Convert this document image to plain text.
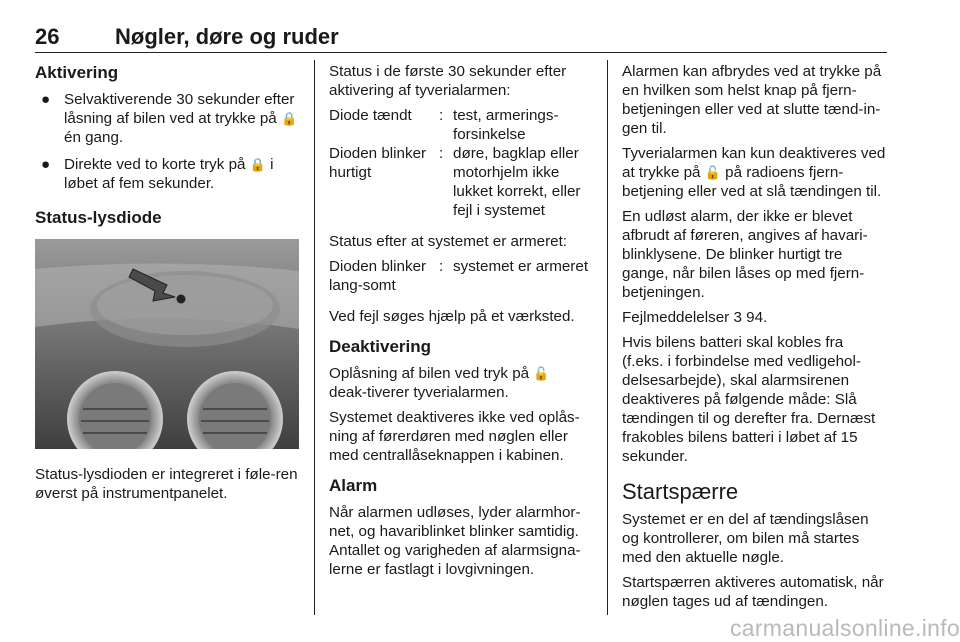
26	Nøgler, døre og ruder
Aktivering
● Selvaktiverende 30 sekunder efter låsning af bilen ved at trykke på 🔒 én gang.
● Direkte ved to korte tryk på 🔒 i løbet af fem sekunder.
Status-lysdiode

Status-lysdioden er integreret i føle-ren øverst på instrumentpanelet.

Status i de første 30 sekunder efter aktivering af tyverialarmen:

Diode tændt	:	test, armerings-forsinkelse
Dioden blinker hurtigt	:	døre, bagklap eller motorhjelm ikke lukket korrekt, eller fejl i systemet

Status efter at systemet er armeret:

Dioden blinker lang-somt	:	systemet er armeret

Ved fejl søges hjælp på et værksted.

Deaktivering

Oplåsning af bilen ved tryk på 🔓 deak-tiverer tyverialarmen.

Systemet deaktiveres ikke ved oplås-ning af førerdøren med nøglen eller med centrallåseknappen i kabinen.

Alarm

Når alarmen udløses, lyder alarmhor-net, og havariblinket blinker samtidig. Antallet og varigheden af alarmsigna-lerne er fastlagt i lovgivningen.

Alarmen kan afbrydes ved at trykke på en hvilken som helst knap på fjern-betjeningen eller ved at slutte tænd-in-gen til.

Tyverialarmen kan kun deaktiveres ved at trykke på 🔓 på radioens fjern-betjening eller ved at slå tændingen til.

En udløst alarm, der ikke er blevet afbrudt af føreren, angives af havari-blinklysene. De blinker hurtigt tre gange, når bilen låses op med fjern-betjeningen.

Fejlmeddelelser 3 94.

Hvis bilens batteri skal kobles fra (f.eks. i forbindelse med vedligehol-delsesarbejde), skal alarmsirenen deaktiveres på følgende måde: Slå tændingen til og derefter fra. Dernæst frakobles bilens batteri i løbet af 15 sekunder.

Startspærre

Systemet er en del af tændingslåsen og kontrollerer, om bilen må startes med den aktuelle nøgle.

Startspærren aktiveres automatisk, når nøglen tages ud af tændingen.

carmanualsonline.info
